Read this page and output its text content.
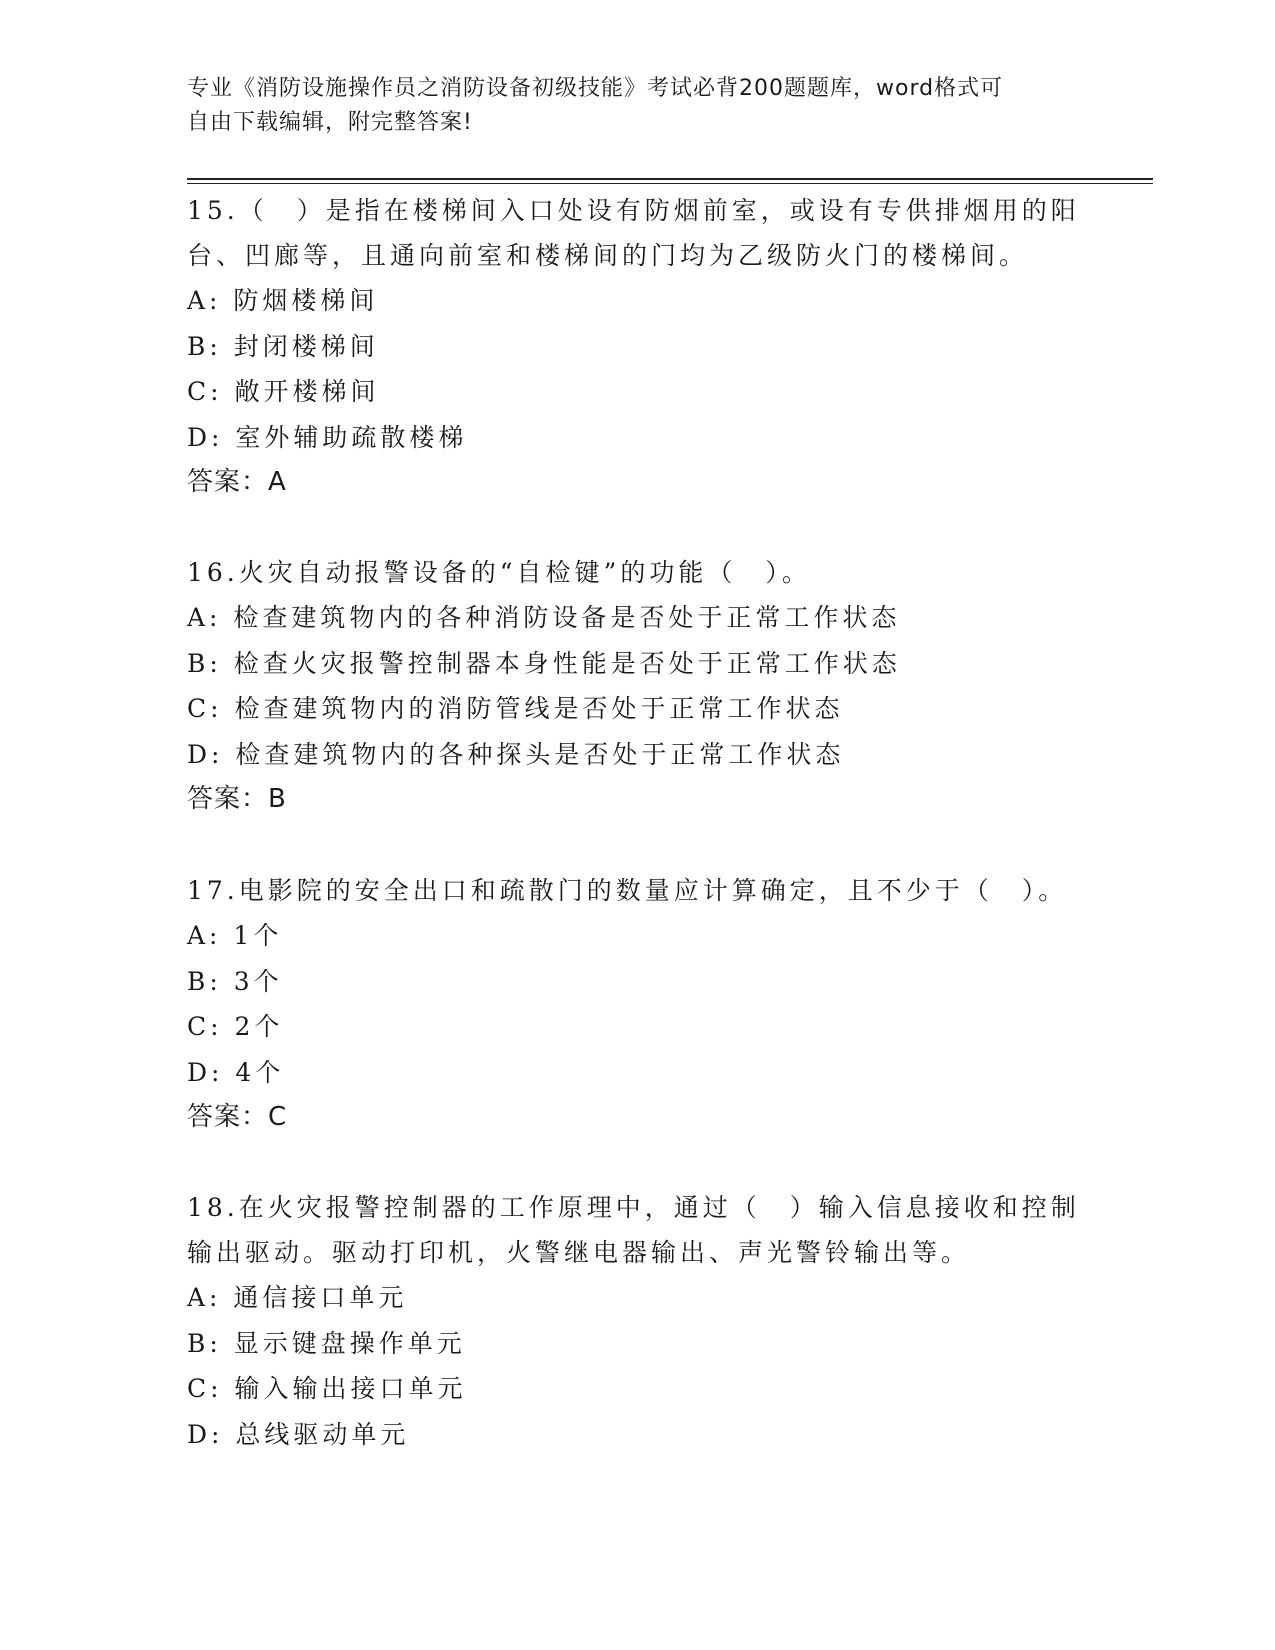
专业《消防设施操作员之消防设备初级技能》考试必背200题题库，word格式可
自由下载编辑，附完整答案!
15.（　）是指在楼梯间入口处设有防烟前室，或设有专供排烟用的阳
台、凹廊等，且通向前室和楼梯间的门均为乙级防火门的楼梯间。
A: 防烟楼梯间
B: 封闭楼梯间
C: 敞开楼梯间
D: 室外辅助疏散楼梯
答案：A
16.火灾自动报警设备的“自检键”的功能（　）。
A: 检查建筑物内的各种消防设备是否处于正常工作状态
B: 检查火灾报警控制器本身性能是否处于正常工作状态
C: 检查建筑物内的消防管线是否处于正常工作状态
D: 检查建筑物内的各种探头是否处于正常工作状态
答案：B
17.电影院的安全出口和疏散门的数量应计算确定，且不少于（　）。
A: 1个
B: 3个
C: 2个
D: 4个
答案：C
18.在火灾报警控制器的工作原理中，通过（　）输入信息接收和控制
输出驱动。驱动打印机，火警继电器输出、声光警铃输出等。
A: 通信接口单元
B: 显示键盘操作单元
C: 输入输出接口单元
D: 总线驱动单元
